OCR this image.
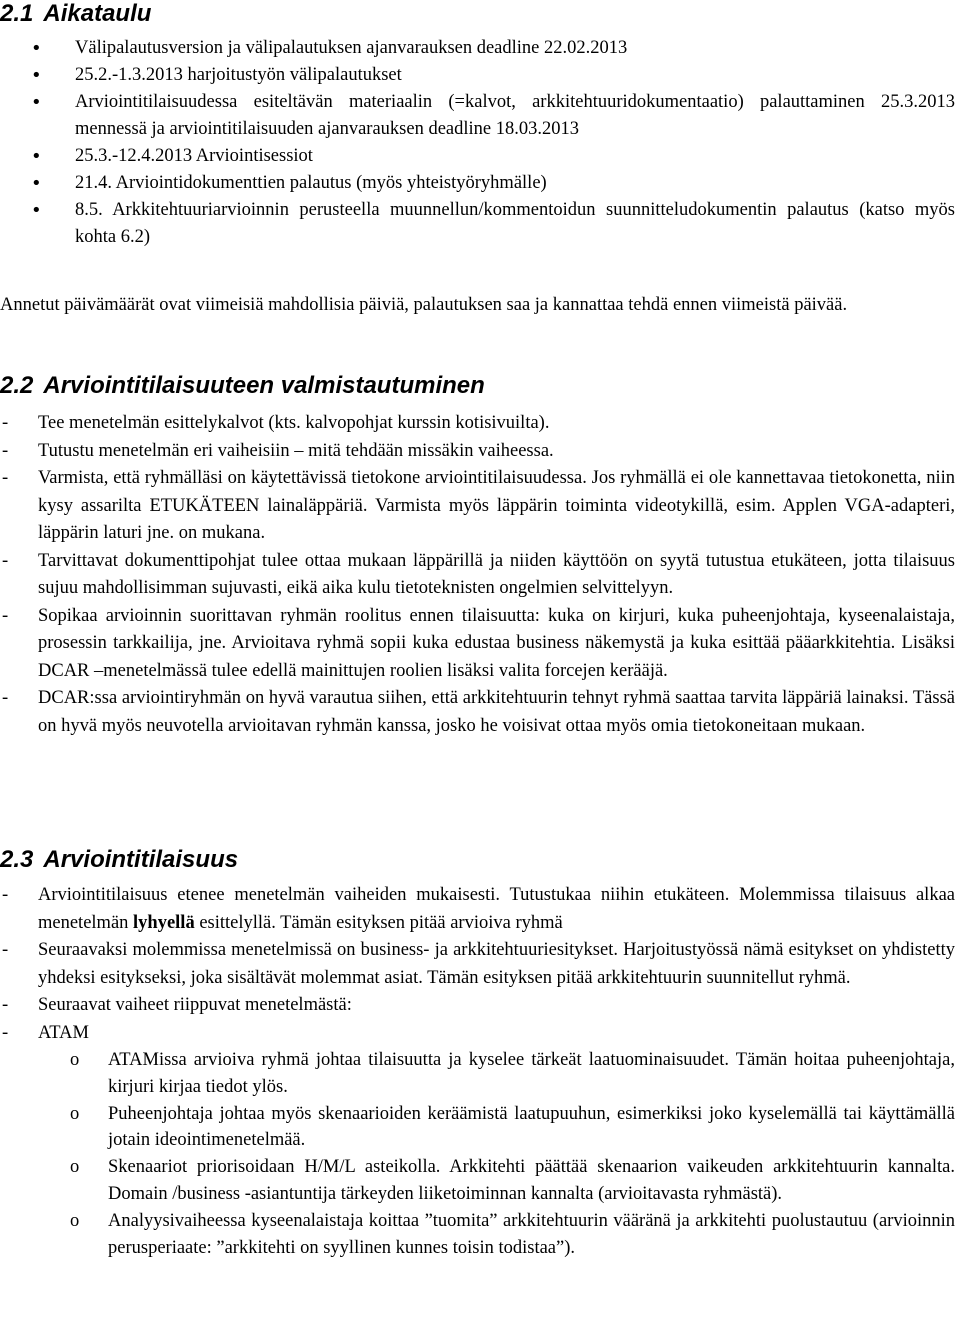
2.1 Aikataulu
• Välipalautusversion ja välipalautuksen ajanvarauksen deadline 22.02.2013
• 25.2.-1.3.2013 harjoitustyön välipalautukset
• Arviointitilaisuudessa esiteltävän materiaalin (=kalvot, arkkitehtuuridokumentaatio) palauttaminen 25.3.2013 mennessä ja arviointitilaisuuden ajanvarauksen deadline 18.03.2013
• 25.3.-12.4.2013 Arviointisessiot
• 21.4. Arviointidokumenttien palautus (myös yhteistyöryhmälle)
• 8.5. Arkkitehtuuriarvioinnin perusteella muunnellun/kommentoidun suunnitteludokumentin palautus (katso myös kohta 6.2)
Annetut päivämäärät ovat viimeisiä mahdollisia päiviä, palautuksen saa ja kannattaa tehdä ennen viimeistä päivää.
2.2 Arviointitilaisuuteen valmistautuminen
- Tee menetelmän esittelykalvot (kts. kalvopohjat kurssin kotisivuilta).
- Tutustu menetelmän eri vaiheisiin – mitä tehdään missäkin vaiheessa.
- Varmista, että ryhmälläsi on käytettävissä tietokone arviointitilaisuudessa. Jos ryhmällä ei ole kannettavaa tietokonetta, niin kysy assarilta ETUKÄTEEN lainaläppäriä. Varmista myös läppärin toiminta videotykillä, esim. Applen VGA-adapteri, läppärin laturi jne. on mukana.
- Tarvittavat dokumenttipohjat tulee ottaa mukaan läppärillä ja niiden käyttöön on syytä tutustua etukäteen, jotta tilaisuus sujuu mahdollisimman sujuvasti, eikä aika kulu tietoteknisten ongelmien selvittelyyn.
- Sopikaa arvioinnin suorittavan ryhmän roolitus ennen tilaisuutta: kuka on kirjuri, kuka puheenjohtaja, kyseenalaistaja, prosessin tarkkailija, jne. Arvioitava ryhmä sopii kuka edustaa business näkemystä ja kuka esittää pääarkkitehtia. Lisäksi DCAR –menetelmässä tulee edellä mainittujen roolien lisäksi valita forcejen kerääjä.
- DCAR:ssa arviointiryhmän on hyvä varautua siihen, että arkkitehtuurin tehnyt ryhmä saattaa tarvita läppäriä lainaksi. Tässä on hyvä myös neuvotella arvioitavan ryhmän kanssa, josko he voisivat ottaa myös omia tietokoneitaan mukaan.
2.3 Arviointitilaisuus
- Arviointitilaisuus etenee menetelmän vaiheiden mukaisesti. Tutustukaa niihin etukäteen. Molemmissa tilaisuus alkaa menetelmän lyhyellä esittelyllä. Tämän esityksen pitää arvioiva ryhmä
- Seuraavaksi molemmissa menetelmissä on business- ja arkkitehtuuriesitykset. Harjoitustyössä nämä esitykset on yhdistetty yhdeksi esitykseksi, joka sisältävät molemmat asiat. Tämän esityksen pitää arkkitehtuurin suunnitellut ryhmä.
- Seuraavat vaiheet riippuvat menetelmästä:
- ATAM
o ATAMissa arvioiva ryhmä johtaa tilaisuutta ja kyselee tärkeät laatuominaisuudet. Tämän hoitaa puheenjohtaja, kirjuri kirjaa tiedot ylös.
o Puheenjohtaja johtaa myös skenaarioiden keräämistä laatupuuhun, esimerkiksi joko kyselemällä tai käyttämällä jotain ideointimenetelmää.
o Skenaariot priorisoidaan H/M/L asteikolla. Arkkitehti päättää skenaarion vaikeuden arkkitehtuurin kannalta. Domain /business -asiantuntija tärkeyden liiketoiminnan kannalta (arvioitavasta ryhmästä).
o Analyysivaiheessa kyseenalaistaja koittaa ”tuomita” arkkitehtuurin vääränä ja arkkitehti puolustautuu (arvioinnin perusperiaate: ”arkkitehti on syyllinen kunnes toisin todistaa”).
